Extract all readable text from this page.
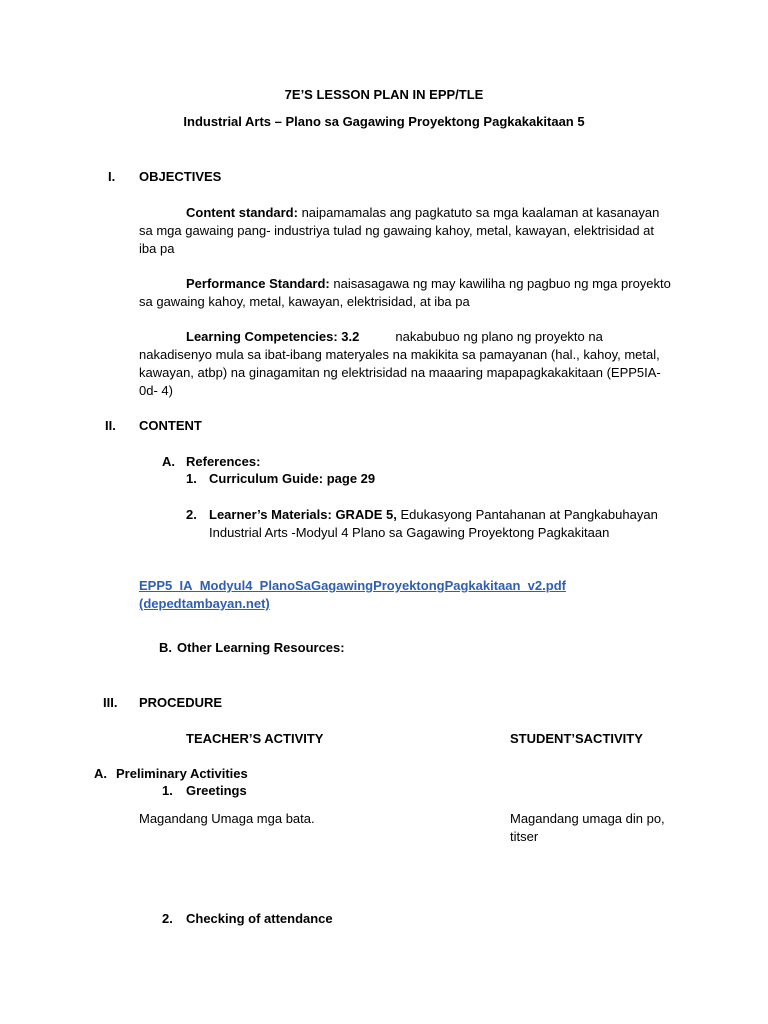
7E’S LESSON PLAN IN EPP/TLE
Industrial Arts – Plano sa Gagawing Proyektong Pagkakakitaan 5
I. OBJECTIVES
Content standard: naipamamalas ang pagkatuto sa mga kaalaman at kasanayan sa mga gawaing pang- industriya tulad ng gawaing kahoy, metal, kawayan, elektrisidad at iba pa
Performance Standard: naisasagawa ng may kawiliha ng pagbuo ng mga proyekto sa gawaing kahoy, metal, kawayan, elektrisidad, at iba pa
Learning Competencies: 3.2	nakabubuo ng plano ng proyekto na nakadisenyo mula sa ibat-ibang materyales na makikita sa pamayanan (hal., kahoy, metal, kawayan, atbp) na ginagamitan ng elektrisidad na maaaring mapapagkakakitaan (EPP5IA- 0d- 4)
II. CONTENT
A. References:
1. Curriculum Guide: page 29
2. Learner’s Materials: GRADE 5, Edukasyong Pantahanan at Pangkabuhayan
Industrial Arts -Modyul 4 Plano sa Gagawing Proyektong Pagkakitaan
EPP5_IA_Modyul4_PlanoSaGagawingProyektongPagkakitaan_v2.pdf
(depedtambayan.net)
B. Other Learning Resources:
III. PROCEDURE
TEACHER’S ACTIVITY	STUDENT’SACTIVITY
A. Preliminary Activities
1. Greetings
Magandang Umaga mga bata.	Magandang umaga din po,
titser
2. Checking of attendance
